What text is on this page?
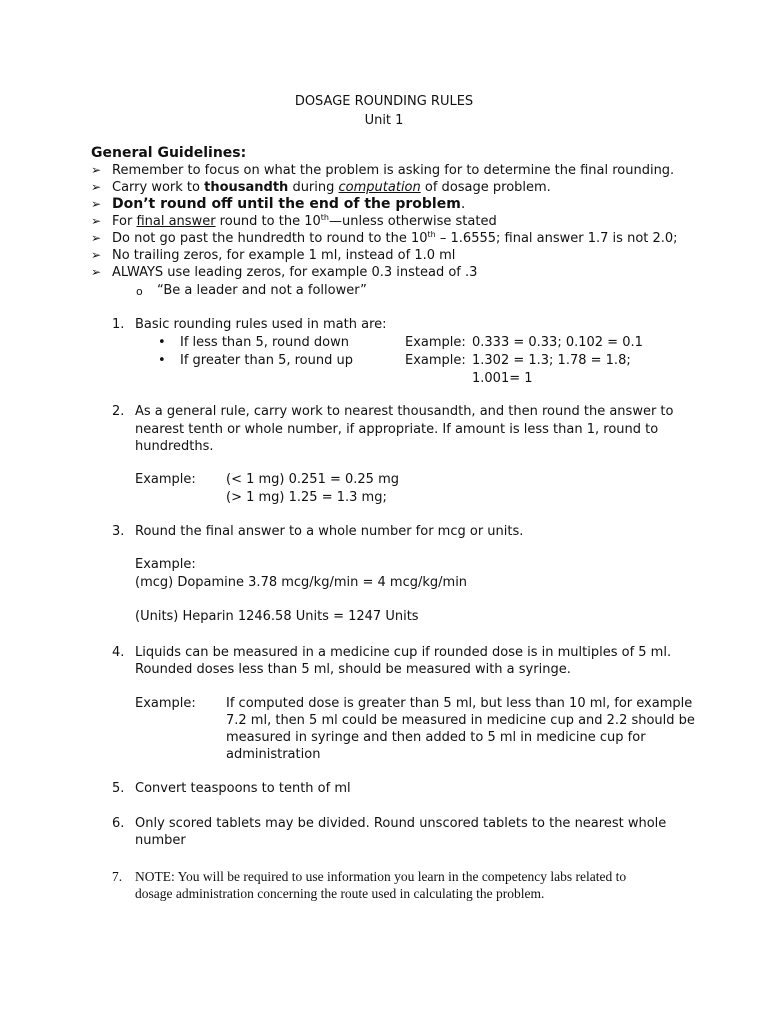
DOSAGE ROUNDING RULES
Unit 1
General Guidelines:
➢ Remember to focus on what the problem is asking for to determine the final rounding.
➢ Carry work to thousandth during computation of dosage problem.
➢ Don’t round off until the end of the problem.
➢ For final answer round to the 10th—unless otherwise stated
➢ Do not go past the hundredth to round to the 10th – 1.6555; final answer 1.7 is not 2.0;
➢ No trailing zeros, for example 1 ml, instead of 1.0 ml
➢ ALWAYS use leading zeros, for example 0.3 instead of .3
o “Be a leader and not a follower”
1. Basic rounding rules used in math are:
• If less than 5, round down	Example: 0.333 = 0.33; 0.102 = 0.1
• If greater than 5, round up	Example: 1.302 = 1.3; 1.78 = 1.8;
1.001= 1
2. As a general rule, carry work to nearest thousandth, and then round the answer to
nearest tenth or whole number, if appropriate. If amount is less than 1, round to
hundredths.
Example: (< 1 mg) 0.251 = 0.25 mg
(> 1 mg) 1.25 = 1.3 mg;
3. Round the final answer to a whole number for mcg or units.
Example:
(mcg) Dopamine 3.78 mcg/kg/min = 4 mcg/kg/min
(Units) Heparin 1246.58 Units = 1247 Units
4. Liquids can be measured in a medicine cup if rounded dose is in multiples of 5 ml.
Rounded doses less than 5 ml, should be measured with a syringe.
Example: If computed dose is greater than 5 ml, but less than 10 ml, for example
7.2 ml, then 5 ml could be measured in medicine cup and 2.2 should be
measured in syringe and then added to 5 ml in medicine cup for
administration
5. Convert teaspoons to tenth of ml
6. Only scored tablets may be divided. Round unscored tablets to the nearest whole
number
7. NOTE: You will be required to use information you learn in the competency labs related to
dosage administration concerning the route used in calculating the problem.
